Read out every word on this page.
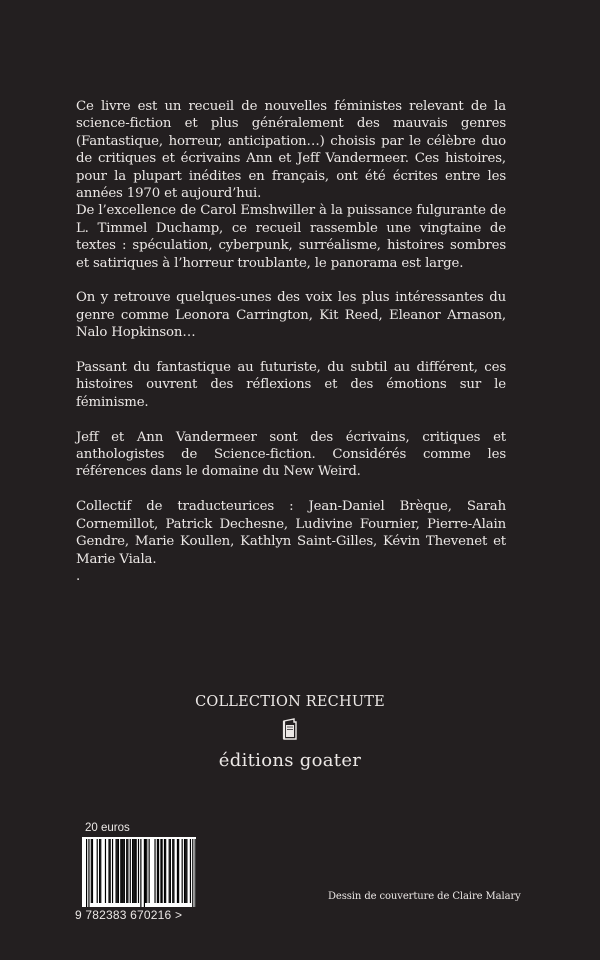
Ce livre est un recueil de nouvelles féministes relevant de la science-fiction et plus généralement des mauvais genres (Fantastique, horreur, anticipation…) choisis par le célèbre duo de critiques et écrivains Ann et Jeff Vandermeer. Ces histoires, pour la plupart inédites en français, ont été écrites entre les années 1970 et aujourd’hui.

De l’excellence de Carol Emshwiller à la puissance fulgurante de L. Timmel Duchamp, ce recueil rassemble une vingtaine de textes : spéculation, cyberpunk, surréalisme, histoires sombres et satiriques à l’horreur troublante, le panorama est large.

On y retrouve quelques-unes des voix les plus intéressantes du genre comme Leonora Carrington, Kit Reed, Eleanor Arnason, Nalo Hopkinson…

Passant du fantastique au futuriste, du subtil au différent, ces histoires ouvrent des réflexions et des émotions sur le féminisme.

Jeff et Ann Vandermeer sont des écrivains, critiques et anthologistes de Science-fiction. Considérés comme les références dans le domaine du New Weird.

Collectif de traducteurices : Jean-Daniel Brèque, Sarah Cornemillot, Patrick Dechesne, Ludivine Fournier, Pierre-Alain Gendre, Marie Koullen, Kathlyn Saint-Gilles, Kévin Thevenet et Marie Viala.

.

COLLECTION RECHUTE
éditions goater
20 euros
9 782383 670216 >
Dessin de couverture de Claire Malary
